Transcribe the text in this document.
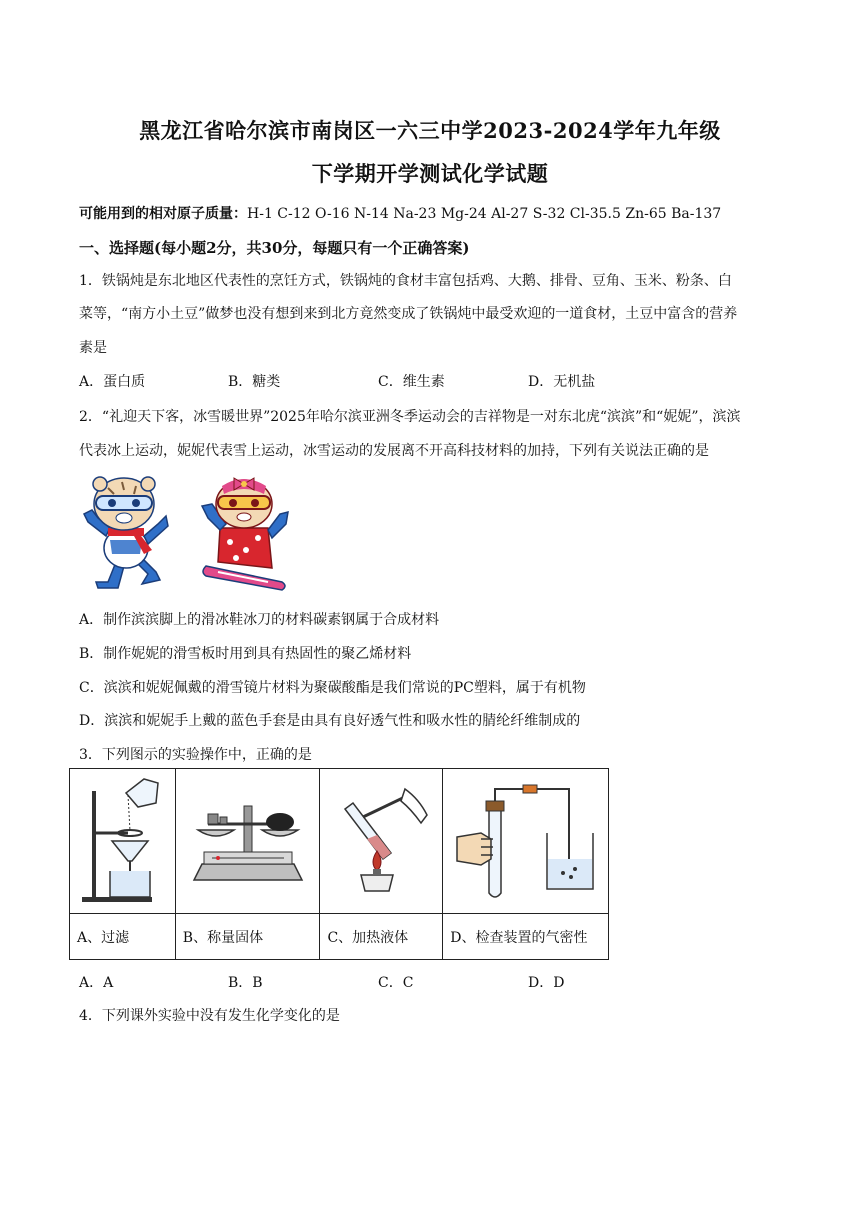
黑龙江省哈尔滨市南岗区一六三中学2023-2024学年九年级
下学期开学测试化学试题
可能用到的相对原子质量：H-1 C-12 O-16 N-14 Na-23 Mg-24 Al-27 S-32 Cl-35.5 Zn-65 Ba-137
一、选择题(每小题2分，共30分，每题只有一个正确答案)
1．铁锅炖是东北地区代表性的烹饪方式，铁锅炖的食材丰富包括鸡、大鹅、排骨、豆角、玉米、粉条、白
菜等，“南方小土豆”做梦也没有想到来到北方竟然变成了铁锅炖中最受欢迎的一道食材，土豆中富含的营养
素是
A．蛋白质	B．糖类	C．维生素	D．无机盐
2．“礼迎天下客，冰雪暖世界”2025年哈尔滨亚洲冬季运动会的吉祥物是一对东北虎“滨滨”和“妮妮”，滨滨
代表冰上运动，妮妮代表雪上运动，冰雪运动的发展离不开高科技材料的加持，下列有关说法正确的是
A．制作滨滨脚上的滑冰鞋冰刀的材料碳素钢属于合成材料
B．制作妮妮的滑雪板时用到具有热固性的聚乙烯材料
C．滨滨和妮妮佩戴的滑雪镜片材料为聚碳酸酯是我们常说的PC塑料，属于有机物
D．滨滨和妮妮手上戴的蓝色手套是由具有良好透气性和吸水性的腈纶纤维制成的
3．下列图示的实验操作中，正确的是

A、过滤	B、称量固体	C、加热液体	D、检查装置的气密性
A．A	B．B	C．C	D．D
4．下列课外实验中没有发生化学变化的是
